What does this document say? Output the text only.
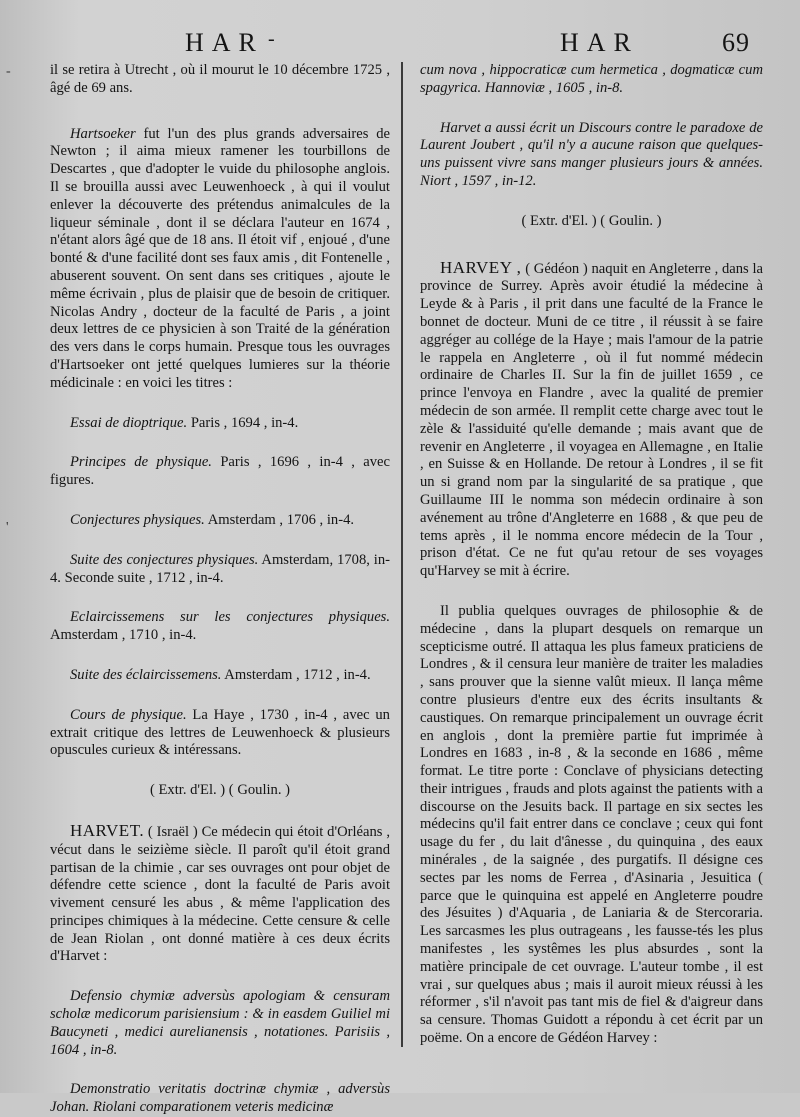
HAR -	HAR	69
-
'

il se retira à Utrecht , où il mourut le 10 décembre 1725 , âgé de 69 ans.

Hartsoeker fut l'un des plus grands adversaires de Newton ; il aima mieux ramener les tourbillons de Descartes , que d'adopter le vuide du philosophe anglois. Il se brouilla aussi avec Leuwenhoeck , à qui il voulut enlever la découverte des prétendus animalcules de la liqueur séminale , dont il se déclara l'auteur en 1674 , n'étant alors âgé que de 18 ans. Il étoit vif , enjoué , d'une bonté & d'une facilité dont ses faux amis , dit Fontenelle , abuserent souvent. On sent dans ses critiques , ajoute le même écrivain , plus de plaisir que de besoin de critiquer. Nicolas Andry , docteur de la faculté de Paris , a joint deux lettres de ce physicien à son Traité de la génération des vers dans le corps humain. Presque tous les ouvrages d'Hartsoeker ont jetté quelques lumieres sur la théorie médicinale : en voici les titres :

Essai de dioptrique. Paris , 1694 , in-4.

Principes de physique. Paris , 1696 , in-4 , avec figures.

Conjectures physiques. Amsterdam , 1706 , in-4.

Suite des conjectures physiques. Amsterdam, 1708, in-4. Seconde suite , 1712 , in-4.

Eclaircissemens sur les conjectures physiques. Amsterdam , 1710 , in-4.

Suite des éclaircissemens. Amsterdam , 1712 , in-4.

Cours de physique. La Haye , 1730 , in-4 , avec un extrait critique des lettres de Leuwenhoeck & plusieurs opuscules curieux & intéressans.

( Extr. d'El. ) ( Goulin. )

HARVET. ( Israël ) Ce médecin qui étoit d'Orléans , vécut dans le seizième siècle. Il paroît qu'il étoit grand partisan de la chimie , car ses ouvrages ont pour objet de défendre cette science , dont la faculté de Paris avoit vivement censuré les abus , & même l'application des principes chimiques à la médecine. Cette censure & celle de Jean Riolan , ont donné matière à ces deux écrits d'Harvet :

Defensio chymiæ adversùs apologiam & censuram scholæ medicorum parisiensium : & in easdem Guiliel mi Baucyneti , medici aurelianensis , notationes. Parisiis , 1604 , in-8.

Demonstratio veritatis doctrinæ chymiæ , adversùs Johan. Riolani comparationem veteris medicinæ

cum nova , hippocraticæ cum hermetica , dogmaticæ cum spagyrica. Hannoviæ , 1605 , in-8.

Harvet a aussi écrit un Discours contre le paradoxe de Laurent Joubert , qu'il n'y a aucune raison que quelques-uns puissent vivre sans manger plusieurs jours & années. Niort , 1597 , in-12.

( Extr. d'El. ) ( Goulin. )

HARVEY , ( Gédéon ) naquit en Angleterre , dans la province de Surrey. Après avoir étudié la médecine à Leyde & à Paris , il prit dans une faculté de la France le bonnet de docteur. Muni de ce titre , il réussit à se faire aggréger au collége de la Haye ; mais l'amour de la patrie le rappela en Angleterre , où il fut nommé médecin ordinaire de Charles II. Sur la fin de juillet 1659 , ce prince l'envoya en Flandre , avec la qualité de premier médecin de son armée. Il remplit cette charge avec tout le zèle & l'assiduité qu'elle demande ; mais avant que de revenir en Angleterre , il voyagea en Allemagne , en Italie , en Suisse & en Hollande. De retour à Londres , il se fit un si grand nom par la singularité de sa pratique , que Guillaume III le nomma son médecin ordinaire à son avénement au trône d'Angleterre en 1688 , & que peu de tems après , il le nomma encore médecin de la Tour , prison d'état. Ce ne fut qu'au retour de ses voyages qu'Harvey se mit à écrire.

Il publia quelques ouvrages de philosophie & de médecine , dans la plupart desquels on remarque un scepticisme outré. Il attaqua les plus fameux praticiens de Londres , & il censura leur manière de traiter les maladies , sans prouver que la sienne valût mieux. Il lança même contre plusieurs d'entre eux des écrits insultants & caustiques. On remarque principalement un ouvrage écrit en anglois , dont la première partie fut imprimée à Londres en 1683 , in-8 , & la seconde en 1686 , même format. Le titre porte : Conclave of physicians detecting their intrigues , frauds and plots against the patients with a discourse on the Jesuits back. Il partage en six sectes les médecins qu'il fait entrer dans ce conclave ; ceux qui font usage du fer , du lait d'ânesse , du quinquina , des eaux minérales , de la saignée , des purgatifs. Il désigne ces sectes par les noms de Ferrea , d'Asinaria , Jesuitica ( parce que le quinquina est appelé en Angleterre poudre des Jésuites ) d'Aquaria , de Laniaria & de Stercoraria. Les sarcasmes les plus outrageans , les fausse-tés les plus manifestes , les systêmes les plus absurdes , sont la matière principale de cet ouvrage. L'auteur tombe , il est vrai , sur quelques abus ; mais il auroit mieux réussi à les réformer , s'il n'avoit pas tant mis de fiel & d'aigreur dans sa censure. Thomas Guidott a répondu à cet écrit par un poëme. On a encore de Gédéon Harvey :
